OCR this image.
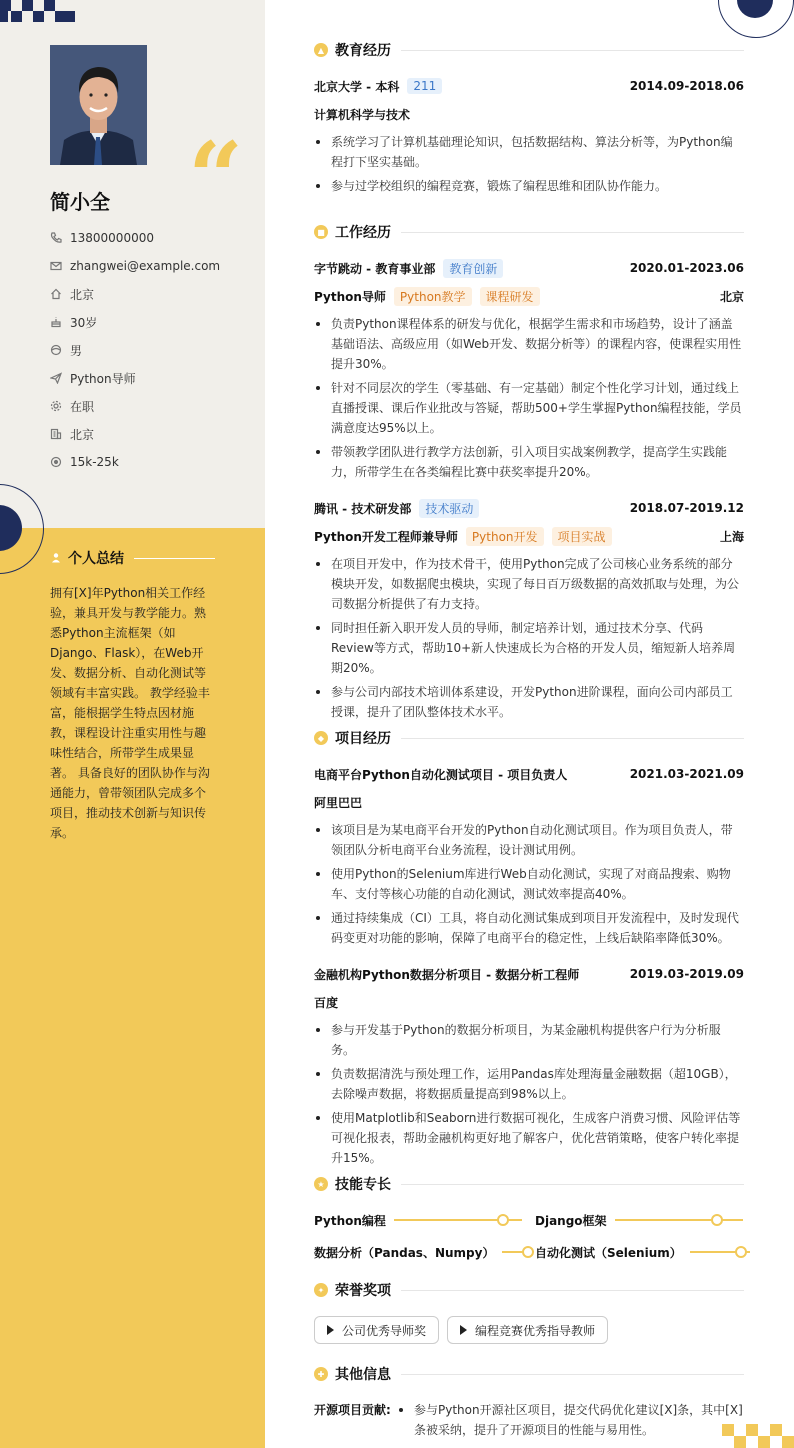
“
简小全
13800000000
zhangwei@example.com
北京
30岁
男
Python导师
在职
北京
15k-25k
个人总结
拥有[X]年Python相关工作经验，兼具开发与教学能力。熟悉Python主流框架（如Django、Flask），在Web开发、数据分析、自动化测试等领域有丰富实践。 教学经验丰富，能根据学生特点因材施教，课程设计注重实用性与趣味性结合，所带学生成果显著。 具备良好的团队协作与沟通能力，曾带领团队完成多个项目，推动技术创新与知识传承。
▲ 教育经历
北京大学 - 本科	211	2014.09-2018.06
计算机科学与技术
系统学习了计算机基础理论知识，包括数据结构、算法分析等，为Python编程打下坚实基础。
参与过学校组织的编程竞赛，锻炼了编程思维和团队协作能力。
■ 工作经历
字节跳动 - 教育事业部	教育创新	2020.01-2023.06
Python导师	Python教学	课程研发	北京
负责Python课程体系的研发与优化，根据学生需求和市场趋势，设计了涵盖基础语法、高级应用（如Web开发、数据分析等）的课程内容，使课程实用性提升30%。
针对不同层次的学生（零基础、有一定基础）制定个性化学习计划，通过线上直播授课、课后作业批改与答疑，帮助500+学生掌握Python编程技能，学员满意度达95%以上。
带领教学团队进行教学方法创新，引入项目实战案例教学，提高学生实践能力，所带学生在各类编程比赛中获奖率提升20%。
腾讯 - 技术研发部	技术驱动	2018.07-2019.12
Python开发工程师兼导师	Python开发	项目实战	上海
在项目开发中，作为技术骨干，使用Python完成了公司核心业务系统的部分模块开发，如数据爬虫模块，实现了每日百万级数据的高效抓取与处理，为公司数据分析提供了有力支持。
同时担任新入职开发人员的导师，制定培养计划，通过技术分享、代码Review等方式，帮助10+新人快速成长为合格的开发人员，缩短新人培养周期20%。
参与公司内部技术培训体系建设，开发Python进阶课程，面向公司内部员工授课，提升了团队整体技术水平。
◆ 项目经历
电商平台Python自动化测试项目 - 项目负责人	2021.03-2021.09
阿里巴巴
该项目是为某电商平台开发的Python自动化测试项目。作为项目负责人，带领团队分析电商平台业务流程，设计测试用例。
使用Python的Selenium库进行Web自动化测试，实现了对商品搜索、购物车、支付等核心功能的自动化测试，测试效率提高40%。
通过持续集成（CI）工具，将自动化测试集成到项目开发流程中，及时发现代码变更对功能的影响，保障了电商平台的稳定性，上线后缺陷率降低30%。
金融机构Python数据分析项目 - 数据分析工程师	2019.03-2019.09
百度
参与开发基于Python的数据分析项目，为某金融机构提供客户行为分析服务。
负责数据清洗与预处理工作，运用Pandas库处理海量金融数据（超10GB），去除噪声数据，将数据质量提高到98%以上。
使用Matplotlib和Seaborn进行数据可视化，生成客户消费习惯、风险评估等可视化报表，帮助金融机构更好地了解客户，优化营销策略，使客户转化率提升15%。
★ 技能专长
Python编程	Django框架
数据分析（Pandas、Numpy）	自动化测试（Selenium）
✦ 荣誉奖项
公司优秀导师奖	编程竞赛优秀指导教师
✚ 其他信息
开源项目贡献:	参与Python开源社区项目，提交代码优化建议[X]条，其中[X]条被采纳，提升了开源项目的性能与易用性。
